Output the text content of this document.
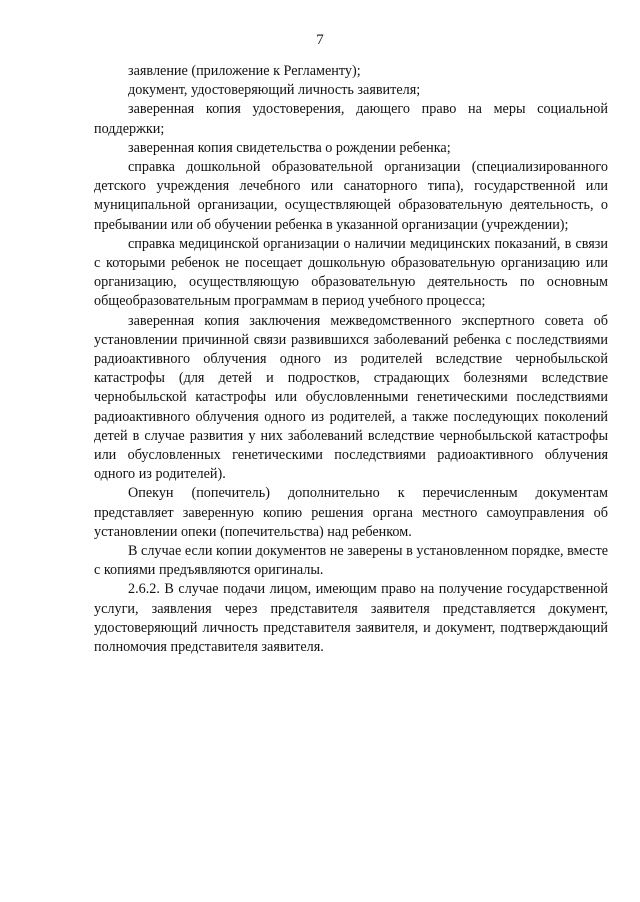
7

заявление (приложение к Регламенту);

документ, удостоверяющий личность заявителя;

заверенная копия удостоверения, дающего право на меры социальной поддержки;

заверенная копия свидетельства о рождении ребенка;

справка дошкольной образовательной организации (специализированного детского учреждения лечебного или санаторного типа), государственной или муниципальной организации, осуществляющей образовательную деятельность, о пребывании или об обучении ребенка в указанной организации (учреждении);

справка медицинской организации о наличии медицинских показаний, в связи с которыми ребенок не посещает дошкольную образовательную организацию или организацию, осуществляющую образовательную деятельность по основным общеобразовательным программам в период учебного процесса;

заверенная копия заключения межведомственного экспертного совета об установлении причинной связи развившихся заболеваний ребенка с последствиями радиоактивного облучения одного из родителей вследствие чернобыльской катастрофы (для детей и подростков, страдающих болезнями вследствие чернобыльской катастрофы или обусловленными генетическими последствиями радиоактивного облучения одного из родителей, а также последующих поколений детей в случае развития у них заболеваний вследствие чернобыльской катастрофы или обусловленных генетическими последствиями радиоактивного облучения одного из родителей).

Опекун (попечитель) дополнительно к перечисленным документам представляет заверенную копию решения органа местного самоуправления об установлении опеки (попечительства) над ребенком.

В случае если копии документов не заверены в установленном порядке, вместе с копиями предъявляются оригиналы.

2.6.2. В случае подачи лицом, имеющим право на получение государственной услуги, заявления через представителя заявителя представляется документ, удостоверяющий личность представителя заявителя, и документ, подтверждающий полномочия представителя заявителя.
